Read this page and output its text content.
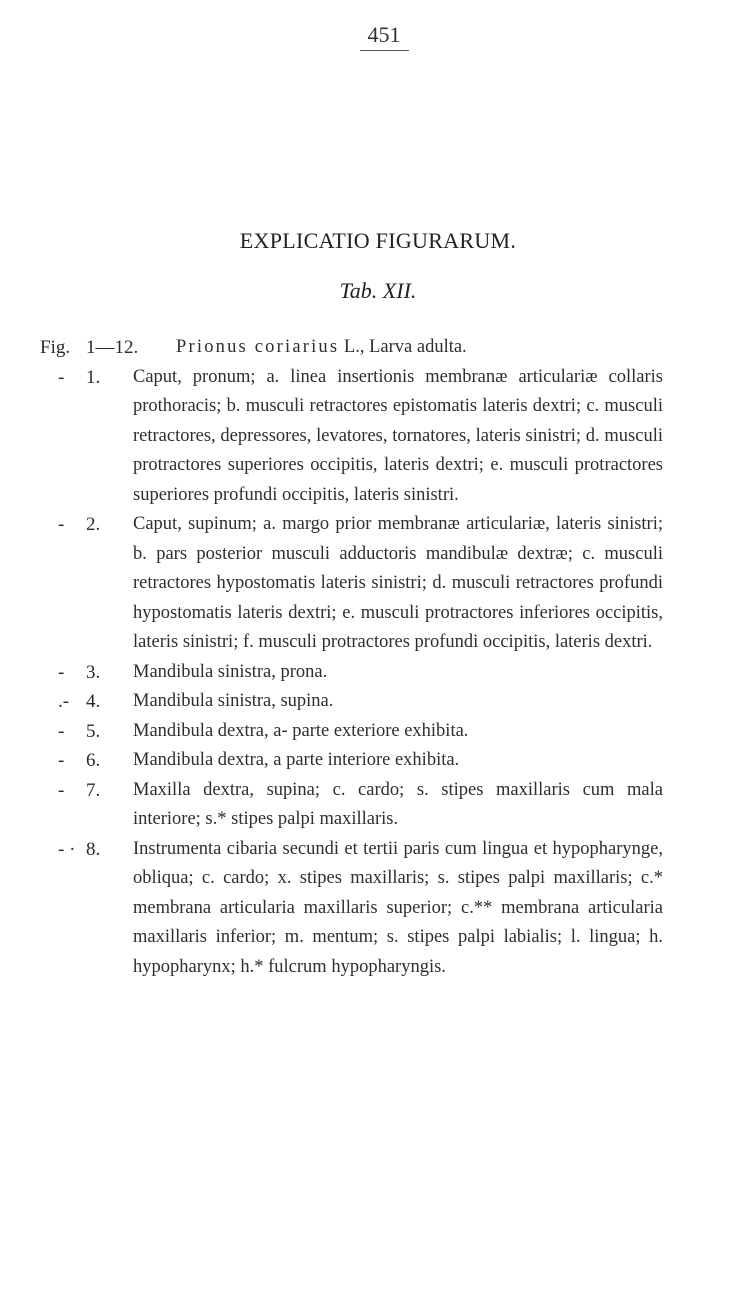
451
EXPLICATIO FIGURARUM.
Tab. XII.
Fig. 1—12. Prionus coriarius L., Larva adulta.
- 1.	Caput, pronum; a. linea insertionis membranæ articulariæ collaris prothoracis; b. musculi retractores epistomatis lateris dextri; c. musculi retractores, depressores, levatores, tornatores, lateris sinistri; d. musculi protractores superiores occipitis, lateris dextri; e. musculi protractores superiores profundi occipitis, lateris sinistri.
- 2.	Caput, supinum; a. margo prior membranæ articulariæ, lateris sinistri; b. pars posterior musculi adductoris mandibulæ dextræ; c. musculi retractores hypostomatis lateris sinistri; d. musculi retractores profundi hypostomatis lateris dextri; e. musculi protractores inferiores occipitis, lateris sinistri; f. musculi protractores profundi occipitis, lateris dextri.
- 3.	Mandibula sinistra, prona.
.- 4.	Mandibula sinistra, supina.
- 5.	Mandibula dextra, a- parte exteriore exhibita.
- 6.	Mandibula dextra, a parte interiore exhibita.
- 7.	Maxilla dextra, supina; c. cardo; s. stipes maxillaris cum mala interiore; s.* stipes palpi maxillaris.
- · 8.	Instrumenta cibaria secundi et tertii paris cum lingua et hypopharynge, obliqua; c. cardo; x. stipes maxillaris; s. stipes palpi maxillaris; c.* membrana articularia maxillaris superior; c.** membrana articularia maxillaris inferior; m. mentum; s. stipes palpi labialis; l. lingua; h. hypopharynx; h.* fulcrum hypopharyngis.
